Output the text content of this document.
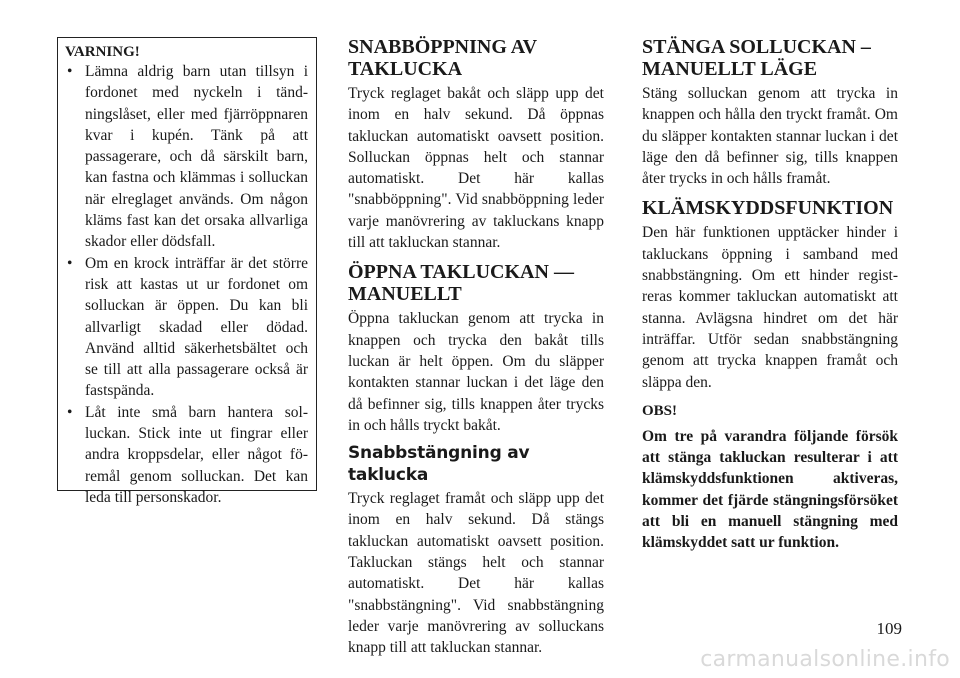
VARNING!

• Lämna aldrig barn utan tillsyn i fordonet med nyckeln i tändningslåset, eller med fjärröppnaren kvar i kupén. Tänk på att passagerare, och då särskilt barn, kan fastna och klämmas i solluckan när elreglaget används. Om någon kläms fast kan det orsaka allvarliga skador eller dödsfall.
• Om en krock inträffar är det större risk att kastas ut ur fordonet om solluckan är öppen. Du kan bli allvarligt skadad eller dödad. Använd alltid säkerhetsbältet och se till att alla passagerare också är fastspända.
• Låt inte små barn hantera solluckan. Stick inte ut fingrar eller andra kroppsdelar, eller något föremål genom solluckan. Det kan leda till personskador.
SNABBÖPPNING AV
TAKLUCKA

Tryck reglaget bakåt och släpp upp det inom en halv sekund. Då öppnas takluckan automatiskt oavsett position. Solluckan öppnas helt och stannar automatiskt. Det här kallas "snabböppning". Vid snabböppning leder varje manövrering av takluckans knapp till att takluckan stannar.

ÖPPNA TAKLUCKAN —
MANUELLT

Öppna takluckan genom att trycka in knappen och trycka den bakåt tills luckan är helt öppen. Om du släpper kontakten stannar luckan i det läge den då befinner sig, tills knappen åter trycks in och hålls tryckt bakåt.

Snabbstängning av taklucka

Tryck reglaget framåt och släpp upp det inom en halv sekund. Då stängs takluckan automatiskt oavsett position. Takluckan stängs helt och stannar automatiskt. Det här kallas "snabbstängning". Vid snabbstängning leder varje manövrering av solluckans knapp till att takluckan stannar.

STÄNGA SOLLUCKAN –
MANUELLT LÄGE

Stäng solluckan genom att trycka in knappen och hålla den tryckt framåt. Om du släpper kontakten stannar luckan i det läge den då befinner sig, tills knappen åter trycks in och hålls framåt.

KLÄMSKYDDSFUNKTION

Den här funktionen upptäcker hinder i takluckans öppning i samband med snabbstängning. Om ett hinder registreras kommer takluckan automatiskt att stanna. Avlägsna hindret om det här inträffar. Utför sedan snabbstängning genom att trycka knappen framåt och släppa den.

OBS!

Om tre på varandra följande försök att stänga takluckan resulterar i att klämskyddsfunktionen aktiveras, kommer det fjärde stängningsförsöket att bli en manuell stängning med klämskyddet satt ur funktion.

109
carmanualsonline.info
